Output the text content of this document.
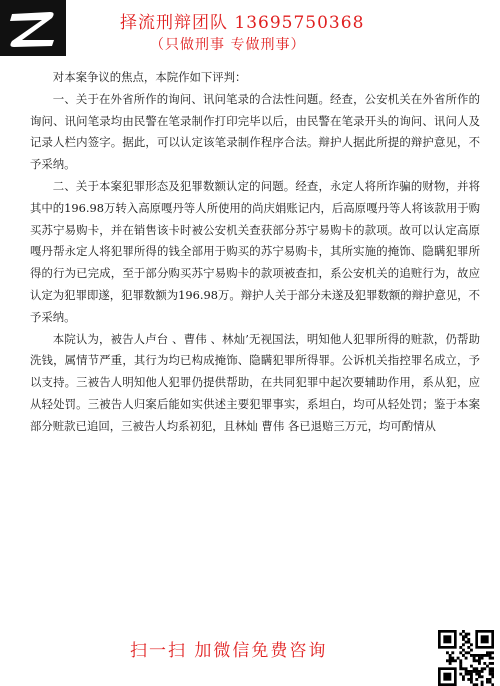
择流刑辩团队 13695750368
（只做刑事 专做刑事）

对本案争议的焦点，本院作如下评判：

一、关于在外省所作的询问、讯问笔录的合法性问题。经查，公安机关在外省所作的询问、讯问笔录均由民警在笔录制作打印完毕以后，由民警在笔录开头的询问、讯问人及记录人栏内签字。据此，可以认定该笔录制作程序合法。辩护人据此所提的辩护意见，不予采纳。

二、关于本案犯罪形态及犯罪数额认定的问题。经查，永定人将所诈骗的财物，并将其中的196.98万转入高原嘎丹等人所使用的尚庆娟账记内，后高原嘎丹等人将该款用于购买苏宁易购卡，并在销售该卡时被公安机关查获部分苏宁易购卡的款项。故可以认定高原嘎丹帮永定人将犯罪所得的钱全部用于购买的苏宁易购卡，其所实施的掩饰、隐瞒犯罪所得的行为已完成，至于部分购买苏宁易购卡的款项被查扣，系公安机关的追赃行为，故应认定为犯罪即遂，犯罪数额为196.98万。辩护人关于部分未遂及犯罪数额的辩护意见，不予采纳。

本院认为，被告人卢台 、曹伟 、林灿’无视国法，明知他人犯罪所得的赃款，仍帮助洗钱，属情节严重，其行为均已构成掩饰、隐瞒犯罪所得罪。公诉机关指控罪名成立，予以支持。三被告人明知他人犯罪仍提供帮助，在共同犯罪中起次要辅助作用，系从犯，应从轻处罚。三被告人归案后能如实供述主要犯罪事实，系坦白，均可从轻处罚；鉴于本案部分赃款已追回，三被告人均系初犯，且林灿 曹伟 各已退赔三万元，均可酌情从

扫一扫 加微信免费咨询
